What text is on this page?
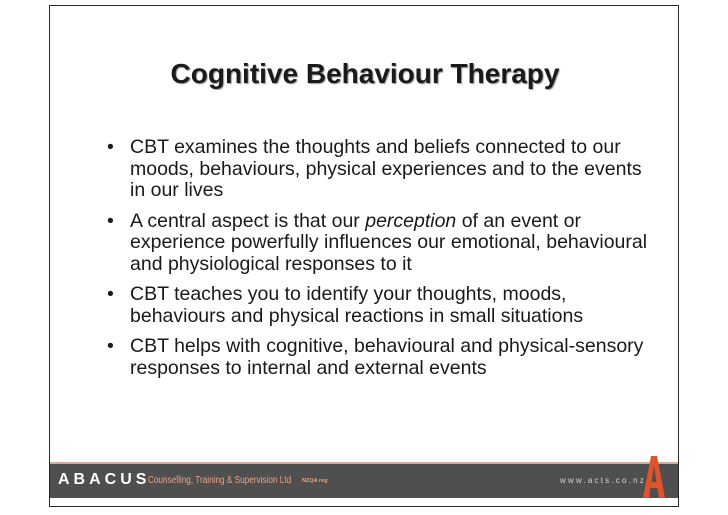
Cognitive Behaviour Therapy
• CBT examines the thoughts and beliefs connected to our moods, behaviours, physical experiences and to the events in our lives
• A central aspect is that our perception of an event or experience powerfully influences our emotional, behavioural and physiological responses to it
• CBT teaches you to identify your thoughts, moods, behaviours and physical reactions in small situations
• CBT helps with cognitive, behavioural and physical-sensory responses to internal and external events
ABACUS
Counselling, Training & Supervision Ltd NZQA reg	www.acts.co.nz
